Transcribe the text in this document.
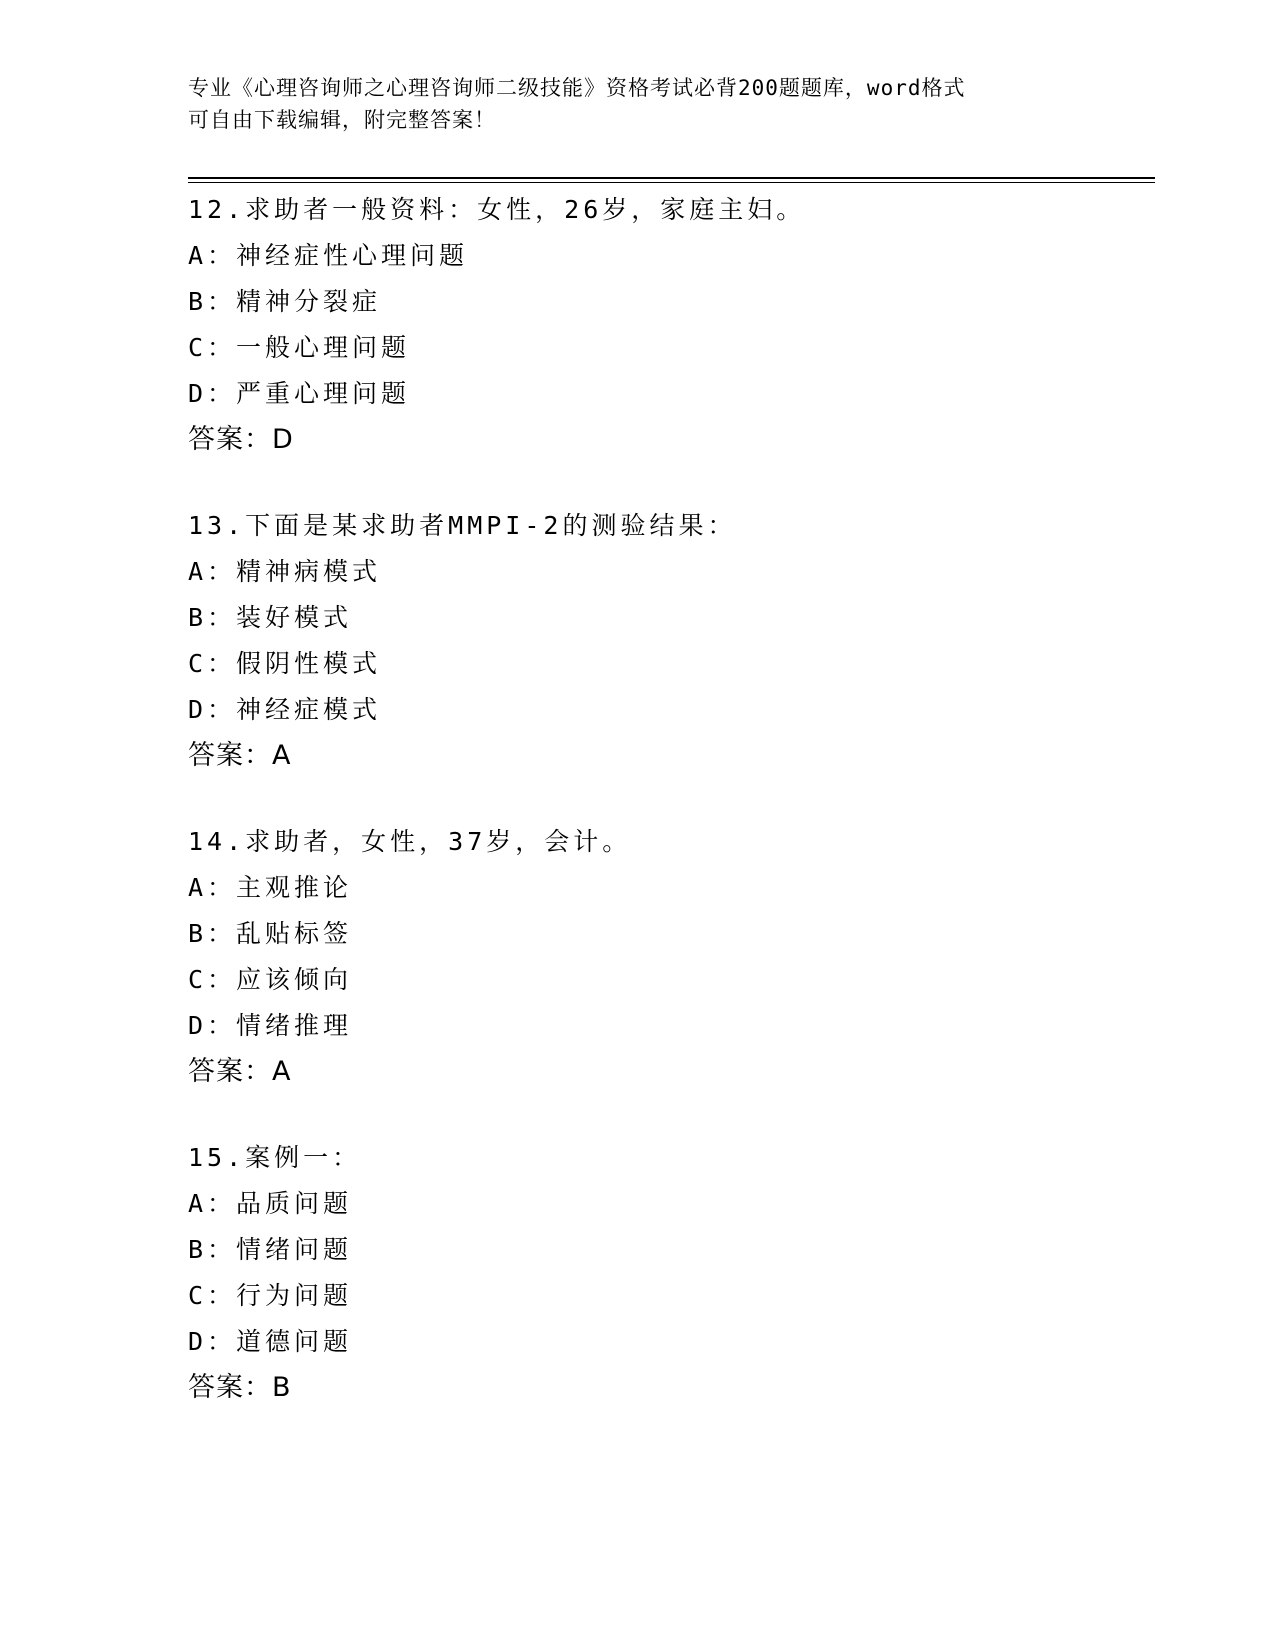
专业《心理咨询师之心理咨询师二级技能》资格考试必背200题题库，word格式
可自由下载编辑，附完整答案！
12.求助者一般资料：女性，26岁，家庭主妇。
A：神经症性心理问题
B：精神分裂症
C：一般心理问题
D：严重心理问题
答案：D
13.下面是某求助者MMPI-2的测验结果：
A：精神病模式
B：装好模式
C：假阴性模式
D：神经症模式
答案：A
14.求助者，女性，37岁，会计。
A：主观推论
B：乱贴标签
C：应该倾向
D：情绪推理
答案：A
15.案例一：
A：品质问题
B：情绪问题
C：行为问题
D：道德问题
答案：B
